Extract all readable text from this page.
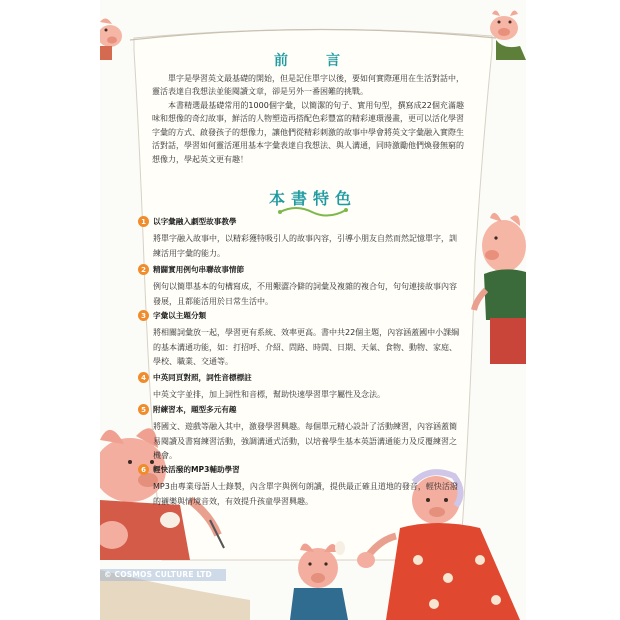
前　言

單字是學習英文最基礎的開始，但是記住單字以後，要如何實際運用在生活對話中，靈活表達自我想法並能閱讀文章，卻是另外一番困難的挑戰。

本書精選最基礎常用的1000個字彙，以簡潔的句子、實用句型，撰寫成22個充滿趣味和想像的奇幻故事，鮮活的人物塑造再搭配色彩豐富的精彩連環漫畫，更可以活化學習字彙的方式、啟發孩子的想像力，讓他們從精彩刺激的故事中學會將英文字彙融入實際生活對話，學習如何靈活運用基本字彙表達自我想法、與人溝通，同時激勵他們煥發無窮的想像力，學起英文更有趣！

本書特色
1 以字彙融入劇型故事教學

將單字融入故事中，以精彩獲特吸引人的故事內容，引導小朋友自然而然記憶單字，訓練活用字彙的能力。

2 精闢實用例句串聯故事情節

例句以簡單基本的句構寫成，不用艱澀冷僻的詞彙及複雜的複合句，句句連接故事內容發展，且都能活用於日常生活中。

3 字彙以主題分類

將相關詞彙放一起，學習更有系統、效率更高。書中共22個主題，內容涵蓋國中小課綱的基本溝通功能，如：打招呼、介紹、問路、時間、日期、天氣、食物、動物、家庭、學校、職業、交通等。

4 中英同頁對照，詞性音標標註

中英文字並排，加上詞性和音標，幫助快速學習單字屬性及念法。

5 附練習本，題型多元有趣

將國文、遊戲等融入其中，激發學習興趣。每個單元精心設計了活動練習，內容涵蓋簡易閱讀及書寫練習活動，強調溝通式活動，以培養學生基本英語溝通能力及反覆練習之機會。

6 輕快活潑的MP3輔助學習

MP3由專業母語人士錄製，內含單字與例句朗讀，提供最正確且道地的發音，輕快活潑的襯樂與情境音效，有效提升孩童學習興趣。

© COSMOS CULTURE LTD
